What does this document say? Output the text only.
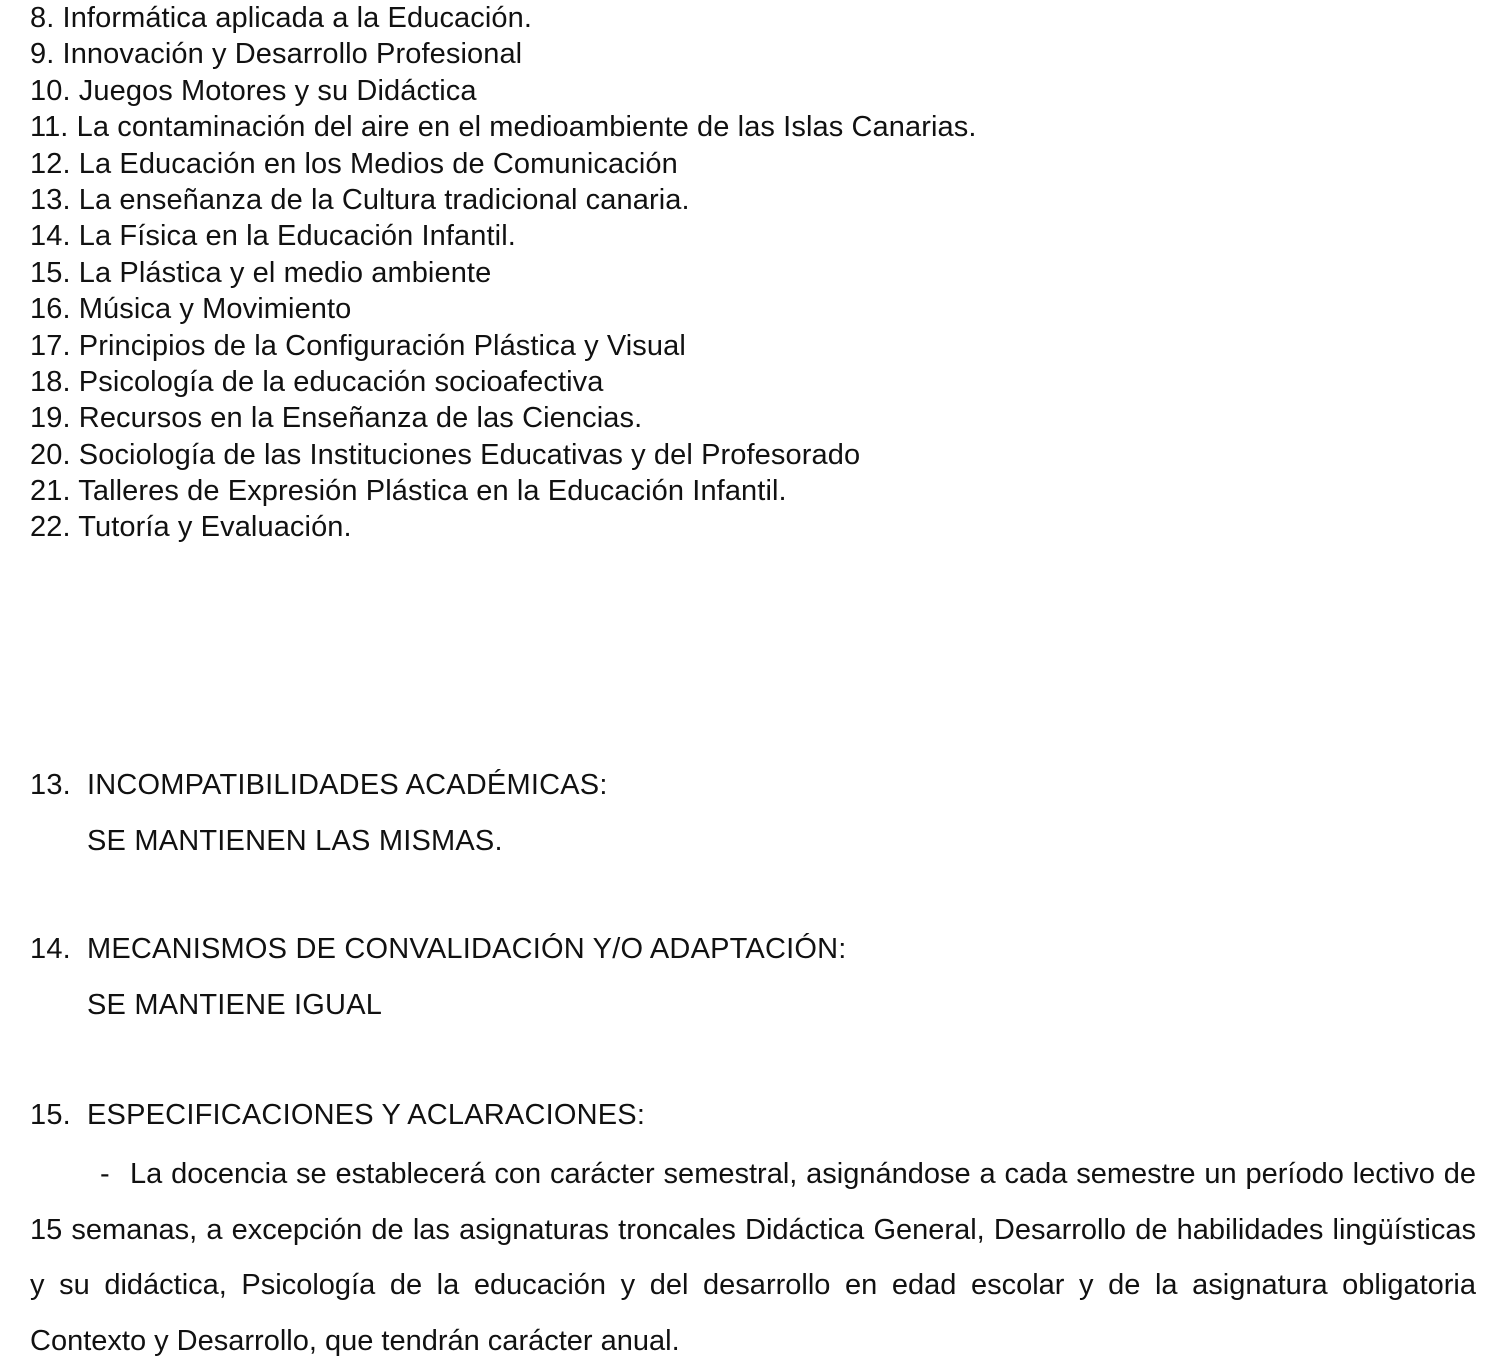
8. Informática aplicada a la Educación.
9. Innovación y Desarrollo Profesional
10. Juegos Motores y su Didáctica
11. La contaminación del aire en el medioambiente de las Islas Canarias.
12. La Educación en los Medios de Comunicación
13. La enseñanza de la Cultura tradicional canaria.
14. La Física en la Educación Infantil.
15. La Plástica y el medio ambiente
16. Música y Movimiento
17. Principios de la Configuración Plástica y Visual
18. Psicología de la educación socioafectiva
19. Recursos en la Enseñanza de las Ciencias.
20. Sociología de las Instituciones Educativas y del Profesorado
21. Talleres de Expresión Plástica en la Educación Infantil.
22. Tutoría y Evaluación.
13. INCOMPATIBILIDADES ACADÉMICAS:
SE MANTIENEN LAS MISMAS.
14. MECANISMOS DE CONVALIDACIÓN Y/O ADAPTACIÓN:
SE MANTIENE IGUAL
15. ESPECIFICACIONES Y ACLARACIONES:

- La docencia se establecerá con carácter semestral, asignándose a cada semestre un período lectivo de 15 semanas, a excepción de las asignaturas troncales Didáctica General, Desarrollo de habilidades lingüísticas y su didáctica, Psicología de la educación y del desarrollo en edad escolar y de la asignatura obligatoria Contexto y Desarrollo, que tendrán carácter anual.
